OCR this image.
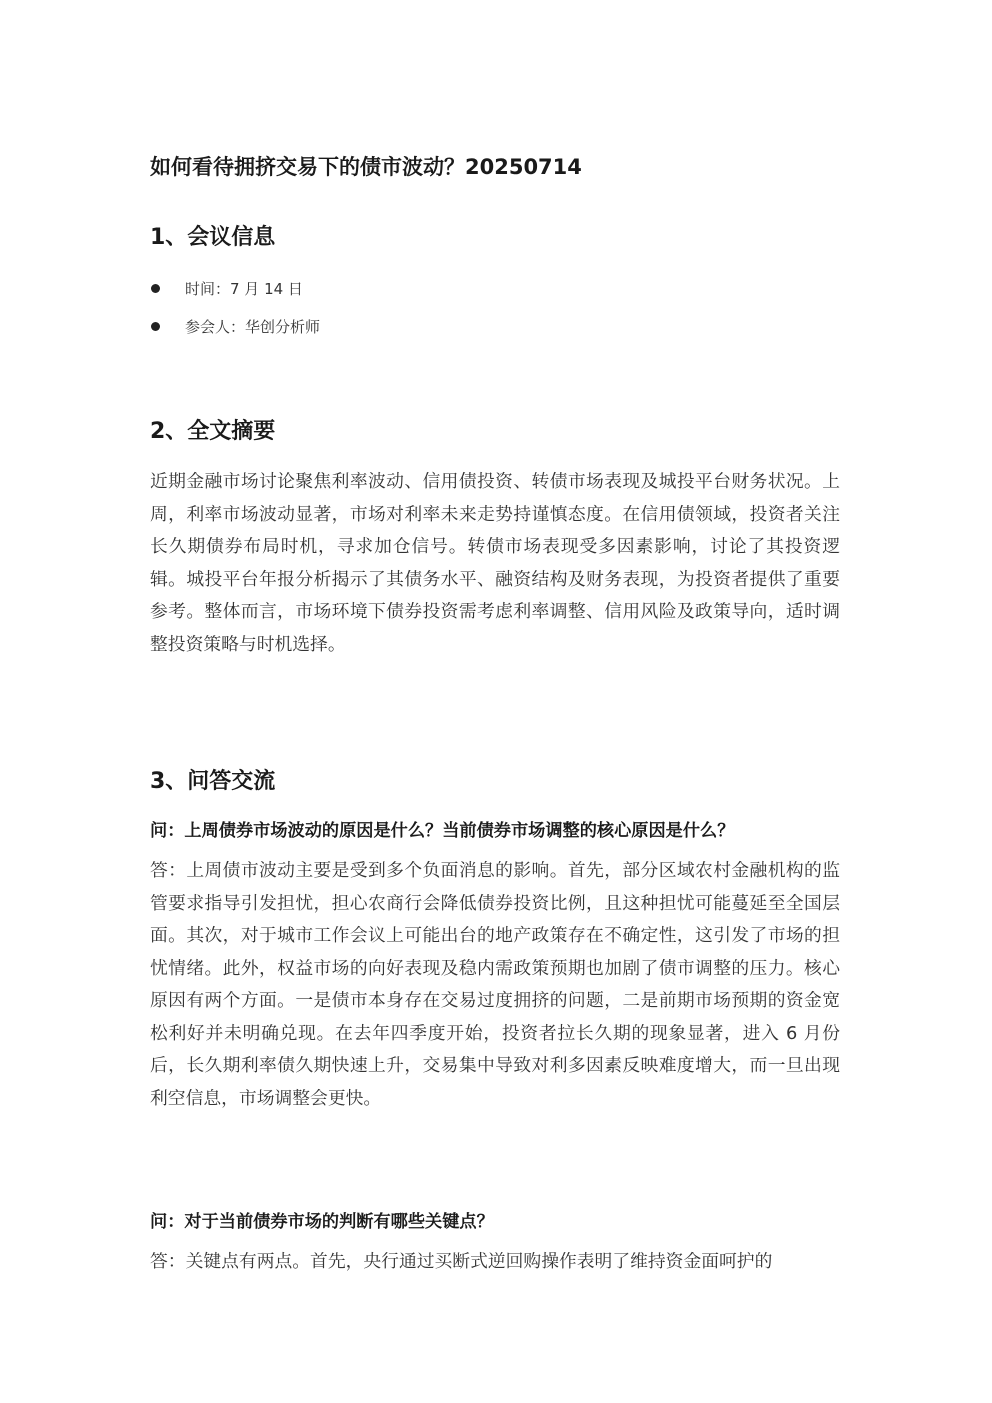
如何看待拥挤交易下的债市波动？20250714
1、会议信息
时间：7 月 14 日
参会人：华创分析师
2、全文摘要

近期金融市场讨论聚焦利率波动、信用债投资、转债市场表现及城投平台财务状况。上周，利率市场波动显著，市场对利率未来走势持谨慎态度。在信用债领域，投资者关注长久期债券布局时机，寻求加仓信号。转债市场表现受多因素影响，讨论了其投资逻辑。城投平台年报分析揭示了其债务水平、融资结构及财务表现，为投资者提供了重要参考。整体而言，市场环境下债券投资需考虑利率调整、信用风险及政策导向，适时调整投资策略与时机选择。

3、问答交流

问：上周债券市场波动的原因是什么？当前债券市场调整的核心原因是什么？

答：上周债市波动主要是受到多个负面消息的影响。首先，部分区域农村金融机构的监管要求指导引发担忧，担心农商行会降低债券投资比例，且这种担忧可能蔓延至全国层面。其次，对于城市工作会议上可能出台的地产政策存在不确定性，这引发了市场的担忧情绪。此外，权益市场的向好表现及稳内需政策预期也加剧了债市调整的压力。核心原因有两个方面。一是债市本身存在交易过度拥挤的问题，二是前期市场预期的资金宽松利好并未明确兑现。在去年四季度开始，投资者拉长久期的现象显著，进入 6 月份后，长久期利率债久期快速上升，交易集中导致对利多因素反映难度增大，而一旦出现利空信息，市场调整会更快。

问：对于当前债券市场的判断有哪些关键点？

答：关键点有两点。首先，央行通过买断式逆回购操作表明了维持资金面呵护的
